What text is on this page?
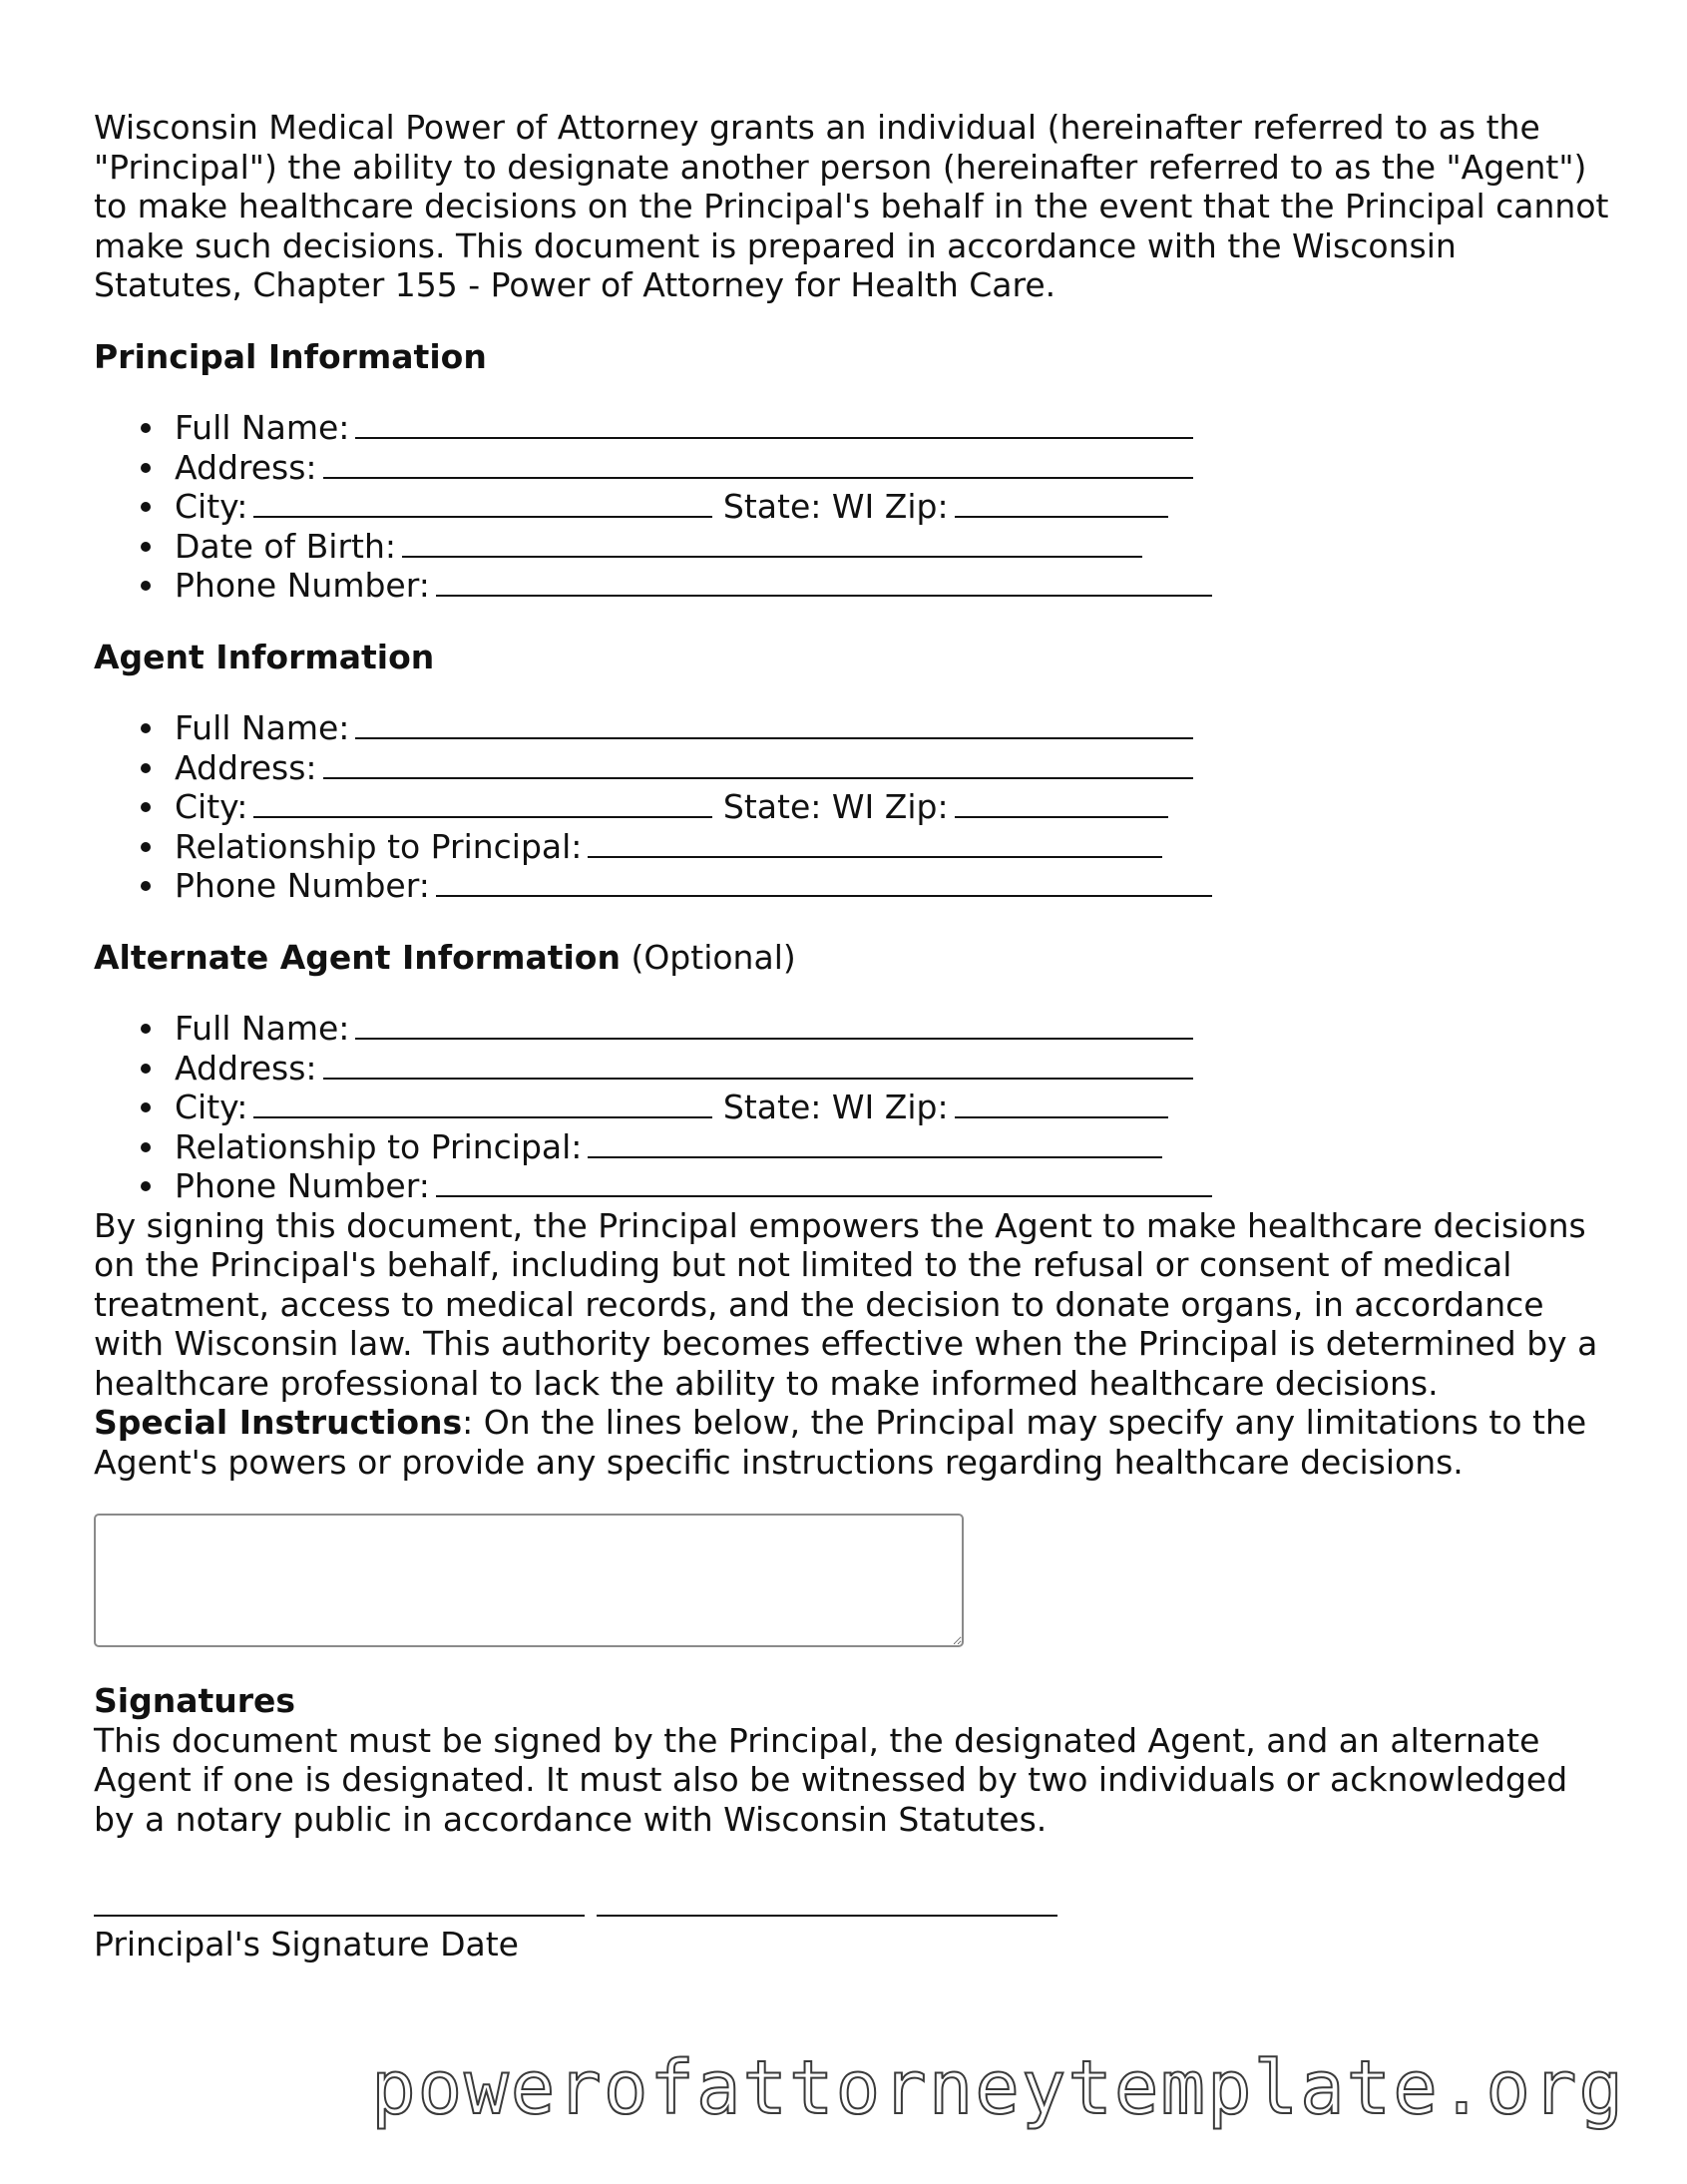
Wisconsin Medical Power of Attorney grants an individual (hereinafter referred to as the "Principal") the ability to designate another person (hereinafter referred to as the "Agent") to make healthcare decisions on the Principal's behalf in the event that the Principal cannot make such decisions. This document is prepared in accordance with the Wisconsin Statutes, Chapter 155 - Power of Attorney for Health Care.

Principal Information
Full Name:
Address:
City:	State: WI Zip:
Date of Birth:
Phone Number:
Agent Information
Full Name:
Address:
City:	State: WI Zip:
Relationship to Principal:
Phone Number:
Alternate Agent Information (Optional)
Full Name:
Address:
City:	State: WI Zip:
Relationship to Principal:
Phone Number:

By signing this document, the Principal empowers the Agent to make healthcare decisions on the Principal's behalf, including but not limited to the refusal or consent of medical treatment, access to medical records, and the decision to donate organs, in accordance with Wisconsin law. This authority becomes effective when the Principal is determined by a healthcare professional to lack the ability to make informed healthcare decisions.

Special Instructions: On the lines below, the Principal may specify any limitations to the Agent's powers or provide any specific instructions regarding healthcare decisions.

Signatures

This document must be signed by the Principal, the designated Agent, and an alternate Agent if one is designated. It must also be witnessed by two individuals or acknowledged by a notary public in accordance with Wisconsin Statutes.

Principal's Signature Date
powerofattorneytemplate.org
